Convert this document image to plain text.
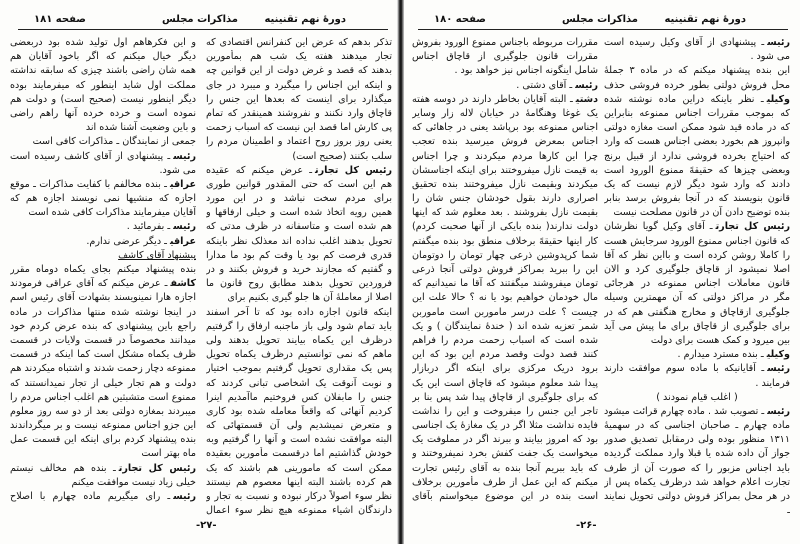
دورهٔ نهم تقنینیه
مذاکرات مجلس
صفحه ۱۸۱
تذکر بدهم که عرض این کنفرانس اقتصادی که
تجار میدهند هفته یک شب هم بمأمورین
بدهند که قصد و غرض دولت از این قوانین چه
و اینکه این اجناس را میگیرد و میبرد در جای
میگذارد برای اینست که بعدها این جنس را
قاچاق وارد نکنند و نفروشند همینقدر که تمام
پی کارش اما قصد این نیست که اسباب زحمت
یعنی روز بروز روح اعتماد و اطمینان مردم را
سلب بکنند (صحیح است)
رئیس کل تجارتـ عرض میکنم که عقیده
هم این است که حتی المقدور قوانین طوری
برای مردم سخت نباشد و در این مورد
همین رویه اتخاذ شده است و خیلی ارفاقها و
هم شده است و متاسفانه در ظرف مدتی که
تحویل بدهند اغلب نداده اند معذلک نظر باینکه
قدری فرصت کم بود یا وقت کم بود ما مدارا
و گفتیم که مجازند خرید و فروش بکنند و در
فروردین تحویل بدهند مطابق روح قانون ما
اصلا از معاملهٔ آن ها جلو گیری بکنیم برای
اینکه قانون اجازه داده بود که تا آخر اسفند
باید تمام شود ولی باز ماجنبه ارفاق را گرفتیم
درظرف این یکماه بیایند تحویل بدهند ولی
ماهم که نمی توانستیم درظرف یکماه تحویل
پس یک مقداری تحویل گرفتیم بموجب اختیار
و نوبت آنوقت یک اشخاصی تبانی کردند که
جنس را مابفلان کس فروختیم ماآمدیم اینرا
کردیم آنهائی که واقعاً معامله شده بود کاری
و متعرض نمیشدیم ولی آن قسمتهائی که
البته موافقت نشده است و آنها را گرفتیم وبه
خودش گذاشتیم اما درقسمت مأمورین بعقیده
ممکن است که مامورینی هم باشند که یک
هم کرده باشند البته اینها معصوم هم نیستند
نظر سوء اصولاً درکار نبوده و نسبت به تجار و
دارندگان اشیاء ممنوعه هیچ نظر سوء اعمال
و این فکرهاهم اول تولید شده بود دربعضی
دیگر خیال میکنم که اگر باخود آقایان هم
همه شان راضی باشند چیزی که سابقه نداشته
مملکت اول شاید اینطور که میفرمایند بوده
دیگر اینطور نیست (صحیح است) و دولت هم
نموده است و خرده خرده آنها راهم راضی
و باین وضعیت آشنا شده اند
جمعی از نمایندگان ـ مذاکرات کافی است
رئیسـ پیشنهادی از آقای کاشف رسیده است
می شود.
عراقیـ بنده مخالفم با کفایت مذاکرات ـ موقع
اجازه که منشیها نمی نویسند اجازه هم که
آقایان میفرمایند مذاکرات کافی شده است
رئیسـ بفرمائید .
عراقیـ دیگر عرضی ندارم.
پیشنهاد آقای کاشف
بنده پیشنهاد میکنم بجای یکماه دوماه مقرر
کاشفـ عرض میکنم که آقای عراقی فرمودند
اجازه هارا نمینویسند بشهادت آقای رئیس اسم
در اینجا نوشته شده منتها مذاکرات در ماده
راجع باین پیشنهادی که بنده عرض کردم خود
میدانند مخصوصاً در قسمت ولایات در قسمت
ظرف یکماه مشکل است کما اینکه در قسمت
ممنوعه دچار زحمت شدند و اشتباه میکردند هم
دولت و هم تجار خیلی از تجار نمیدانستند که
ممنوع است متشبثین هم اغلب اجناس مردم را
میبردند بمغازه دولتی بعد از دو سه روز معلوم
این جزو اجناس ممنوعه نیست و بر میگرداندند
بنده پیشنهاد کردم برای اینکه این قسمت عمل
ماه بهتر است
رئیس کل تجارتـ بنده هم مخالف نیستم
خیلی زیاد نیست موافقت میکنم
رئیسـ رای میگیریم ماده چهارم با اصلاح
-۲۷-
دورهٔ نهم تقنینیه
مذاکرات مجلس
صفحه ۱۸۰
رئیسـ پیشنهادی از آقای وکیل رسیده است
می شود .
این بنده پیشنهاد میکنم که در ماده ۳ جملهٔ
محل فروش دولتی بطور خرده فروشی حذف
وکیلیـ نظر باینکه دراین ماده نوشته شده
که بموجب مقررات اجناس ممنوعه بنابراین
که در ماده قید شود ممکن است مغازه دولتی
وانپروز هم بخورد بعضی اجناس هست که وارد
که احتیاج بخرده فروشی ندارد از قبیل برنج
وبعضی چیزها که حقیقهً ممنوع الورود است
دادند که وارد شود دیگر لازم نیست که یک
قانون بنویسند که در آنجا بفروش برسد بنابر
بنده توضیح دادن آن در قانون مصلحت نیست
رئیس کل تجارتـ آقای وکیل گویا نظرشان
که قانون اجناس ممنوع الورود سرجایش هست
را کاملا روشن کرده است و بااین نظر که آقا
اصلا نمیشود از قاچاق جلوگیری کرد و الان
قانون معاملات اجناس ممنوعه در هرجائی
مگر در مراکز دولتی که آن مهمترین وسیله
جلوگیری ازقاچاق و مخارج هنگفتی هم که در
برای جلوگیری از قاچاق برای ما پیش می آید
بین میرود و کمک هست برای دولت
وکیلیـ بنده مسترد میدارم .
رئیسـ آقایانیکه با ماده سوم موافقت دارند
فرمایند .
( اغلب قیام نمودند )
رئیسـ تصویب شد . ماده چهارم قرائت میشود
ماده چهارم ـ صاحبان اجناسی که در سهمیهٔ
۱۳۱۱ منظور بوده ولی درمقابل تصدیق صدور
جواز آن داده شده یا قبلا وارد مملکت گردیده
باید اجناس مزبور را که صورت آن از طرف
تجارت اعلام خواهد شد درظرف یکماه پس از
در هر محل بمراکز فروش دولتی تحویل نمایند
ـ
مقررات مربوطه باجناس ممنوع الورود بفروش
مقررات قانون جلوگیری از قاچاق اجناس
شامل اینگونه اجناس نیز خواهد بود .
رئیسـ آقای دشتی .
دشتیـ البته آقایان بخاطر دارند در دوسه هفته
یک غوغا وهنگامهٔ در خیابان لاله زار وسایر
اجناس ممنوعه بود برپاشد یعنی در جاهائی که
اجناس بمعرض فروش میرسید بنده تعجب
چرا این کارها مردم میکردند و چرا اجناس
به قیمت نازل میفروختند برای اینکه اجناسشان
میکردند وبقیمت نازل میفروختند بنده تحقیق
اصراری دارند بقول خودشان جنس شان را
بقیمت نازل بفروشند . بعد معلوم شد که اینها
دولت ندارند( بنده بایکی از آنها صحبت کردم)
کار اینها حقیقهً برخلاف منطق بود بنده میگفتم
شما کرپدوشین ذرعی چهار تومان را دوتومان
این را ببرید بمراکز فروش دولتی آنجا ذرعی
تومان میفروشند میگفتند که آقا ما نمیدانیم که
مال خودمان خواهیم بود یا نه ؟ حالا علت این
چیست ؟ علت درسر ماموربن است ماموربن
شمر تعزیه شده اند ( خندهٔ نمایندگان ) و یک
شده است که اسباب زحمت مردم را فراهم
کنند قصد دولت وقصد مردم این بود که این
برود دریک مرکزی برای اینکه اگر دربازار
پیدا شد معلوم میشود که قاچاق است این یک
که برای جلوگیری از قاچاق پیدا شد پس بنا بر
تاجر این جنس را میفروخت و این را نداشت
فایده نداشت مثلا اگر در یک مغازهٔ یک اجناسی
بود که امروز بیایند و ببرند اگر در مملوفت یک
میخواست یک جفت کفش بخرد نمیفروختند و
که باید ببریم آنجا بنده به آقای رئیس تجارت
میکنم که این عمل از طرف مأمورین برخلاف
است بنده در این موضوع میخواستم بآقای
-۲۶-
